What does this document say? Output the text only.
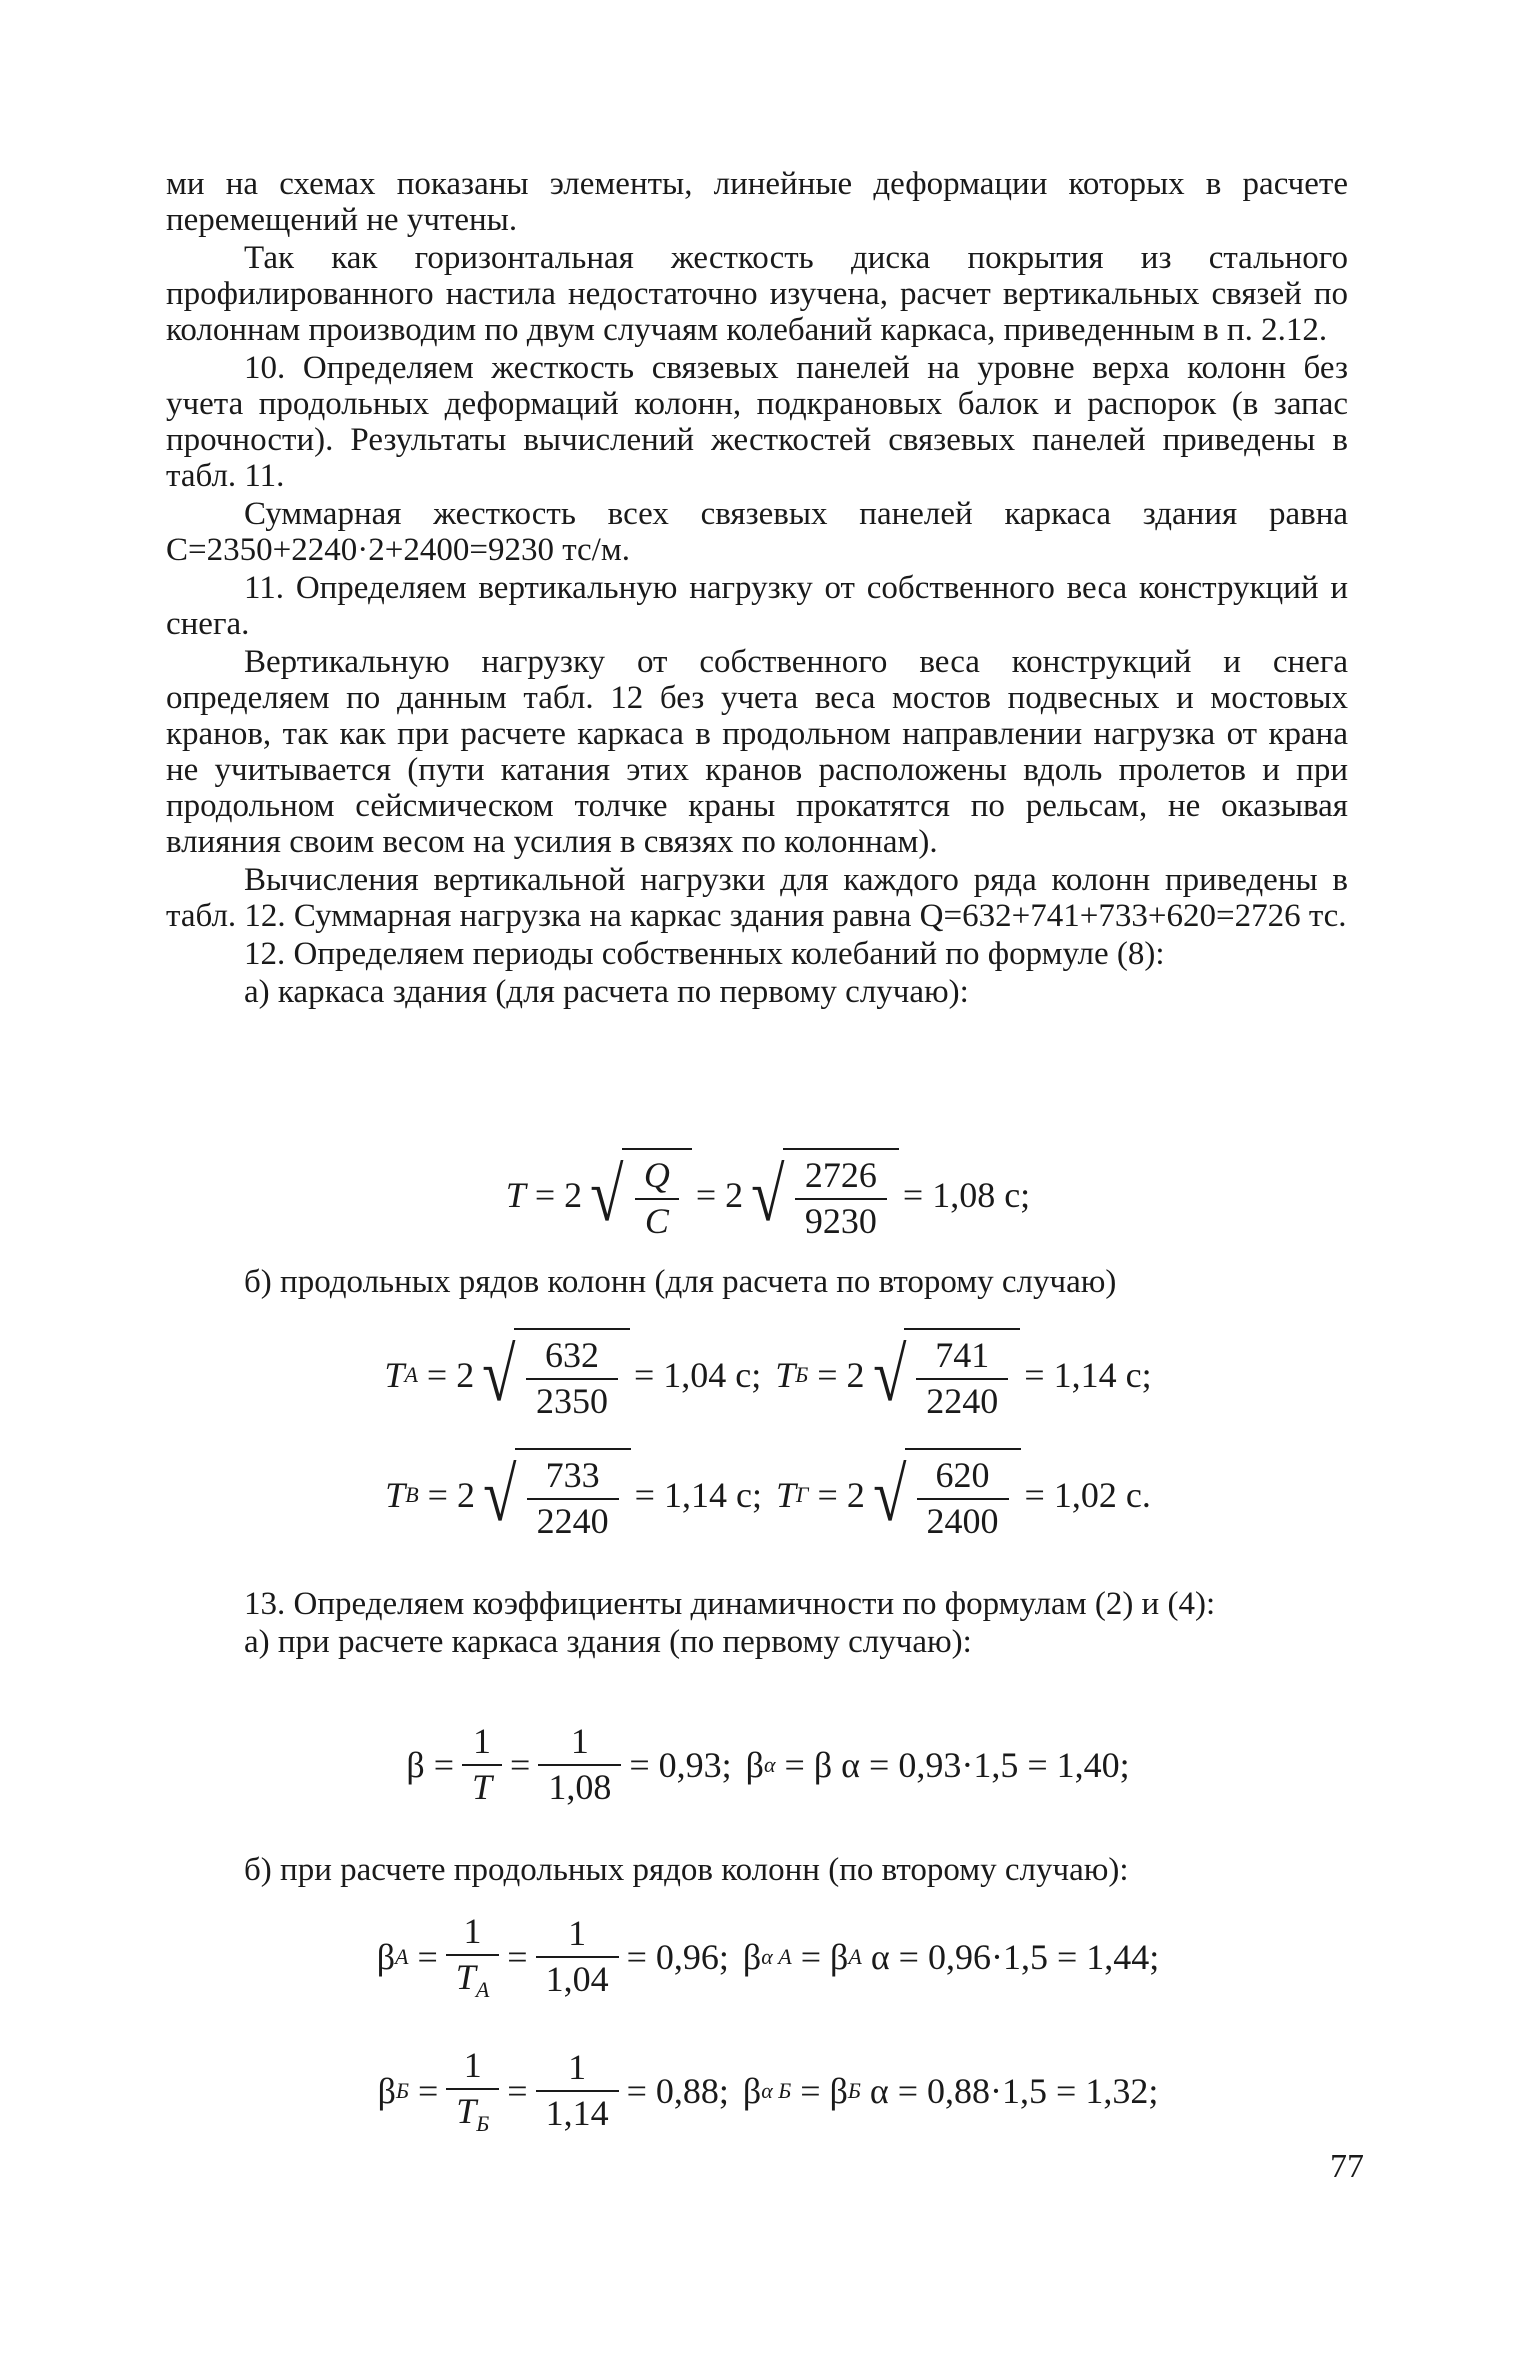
ми на схемах показаны элементы, линейные деформации которых в расчете перемещений не учтены.

Так как горизонтальная жесткость диска покрытия из стального профилированного настила недостаточно изучена, расчет вертикальных связей по колоннам производим по двум случаям колебаний каркаса, приведенным в п. 2.12.

10. Определяем жесткость связевых панелей на уровне верха колонн без учета продольных деформаций колонн, подкрановых балок и распорок (в запас прочности). Результаты вычислений жесткостей связевых панелей приведены в табл. 11.

Суммарная жесткость всех связевых панелей каркаса здания равна С=2350+2240·2+2400=9230 тс/м.

11. Определяем вертикальную нагрузку от собственного веса конструкций и снега.

Вертикальную нагрузку от собственного веса конструкций и снега определяем по данным табл. 12 без учета веса мостов подвесных и мостовых кранов, так как при расчете каркаса в продольном направлении нагрузка от крана не учитывается (пути катания этих кранов расположены вдоль пролетов и при продольном сейсмическом толчке краны прокатятся по рельсам, не оказывая влияния своим весом на усилия в связях по колоннам).

Вычисления вертикальной нагрузки для каждого ряда колонн приведены в табл. 12. Суммарная нагрузка на каркас здания равна Q=632+741+733+620=2726 тс.

12. Определяем периоды собственных колебаний по формуле (8):

а) каркаса здания (для расчета по первому случаю):

T
= 2 √ $\frac{Q}{C} = 2$ √ $\frac{2726}{9230} = 1,08$ с;

б) продольных рядов колонн (для расчета по второму случаю)

T A
= 2 √ $\frac{632}{2350} = 1,04$ с; T Б
= 2 √ $\frac{741}{2240} = 1,14$ с;
T В
= 2 √ $\frac{733}{2240} = 1,14$ с; T Г
= 2 √ $\frac{620}{2400} = 1,02$ с.

13. Определяем коэффициенты динамичности по формулам (2) и (4):

а) при расчете каркаса здания (по первому случаю):

$\beta = \frac{1}{T} = \frac{1}{1,08} = 0,93$; β α
= β α = 0,93·1,5 = 1,40;

б) при расчете продольных рядов колонн (по второму случаю):

β $A = \frac{1}{T_A} = \frac{1}{1,04} = 0,96$; β α A
= β A
α = 0,96·1,5 = 1,44;
β $Б = \frac{1}{T_Б} = \frac{1}{1,14} = 0,88$; β α Б
= β Б
α = 0,88·1,5 = 1,32;
77
